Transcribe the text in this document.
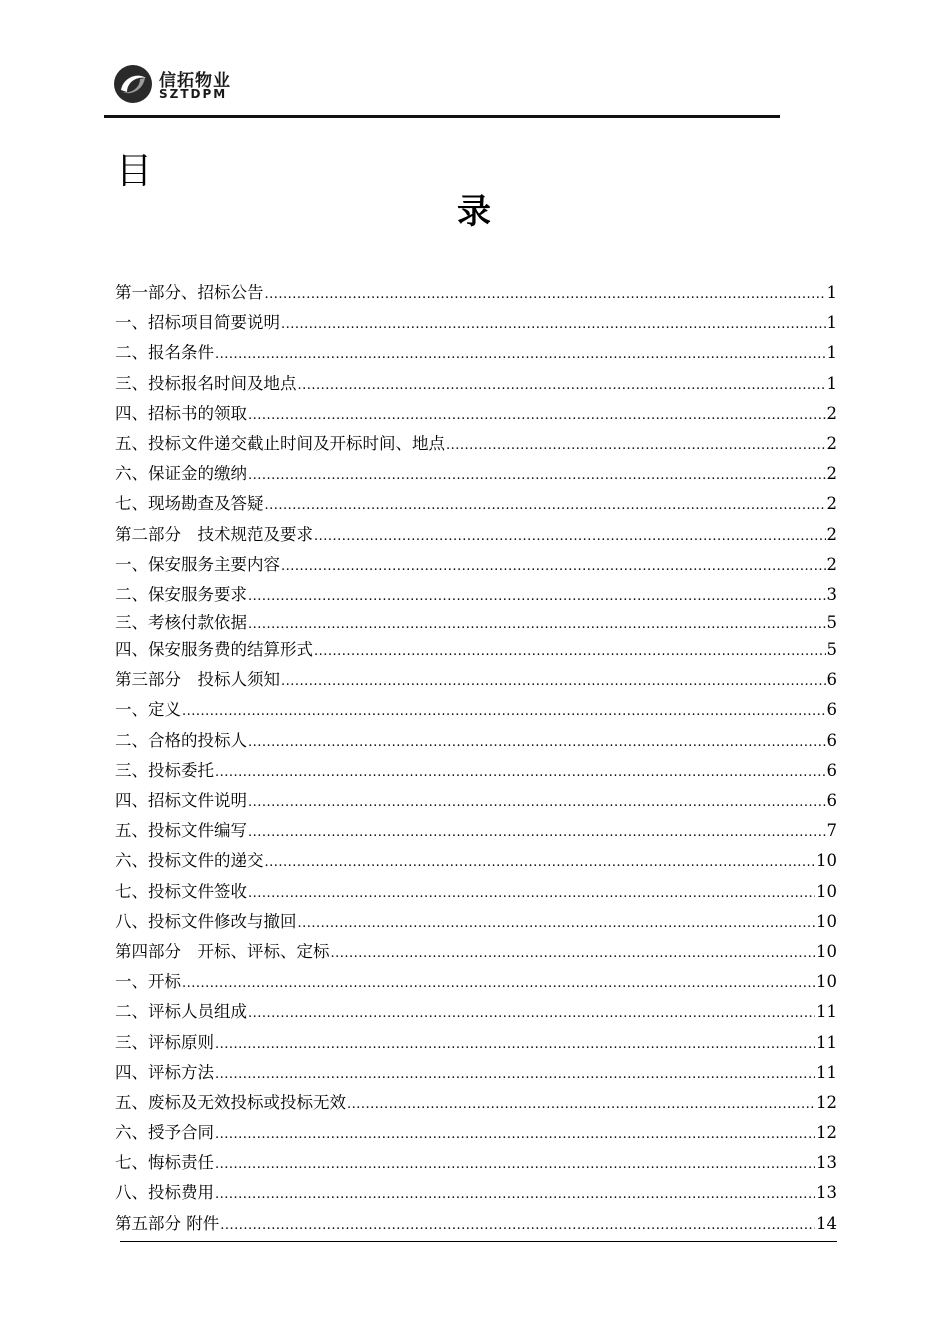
信拓物业
SZTDPM
目
录
第一部分、招标公告 .....	1
一、招标项目简要说明 .....	1
二、报名条件 .....	1
三、投标报名时间及地点 .....	1
四、招标书的领取 .....	2
五、投标文件递交截止时间及开标时间、地点 .....	2
六、保证金的缴纳 .....	2
七、现场勘查及答疑 .....	2
第二部分　技术规范及要求 .....	2
一、保安服务主要内容 .....	2
二、保安服务要求 .....	3
三、考核付款依据 .....	5
四、保安服务费的结算形式 .....	5
第三部分　投标人须知 .....	6
一、定义 .....	6
二、合格的投标人 .....	6
三、投标委托 .....	6
四、招标文件说明 .....	6
五、投标文件编写 .....	7
六、投标文件的递交 .....	10
七、投标文件签收 .....	10
八、投标文件修改与撤回 .....	10
第四部分　开标、评标、定标 .....	10
一、开标 .....	10
二、评标人员组成 .....	11
三、评标原则 .....	11
四、评标方法 .....	11
五、废标及无效投标或投标无效 .....	12
六、授予合同 .....	12
七、悔标责任 .....	13
八、投标费用 .....	13
第五部分 附件 .....	14
